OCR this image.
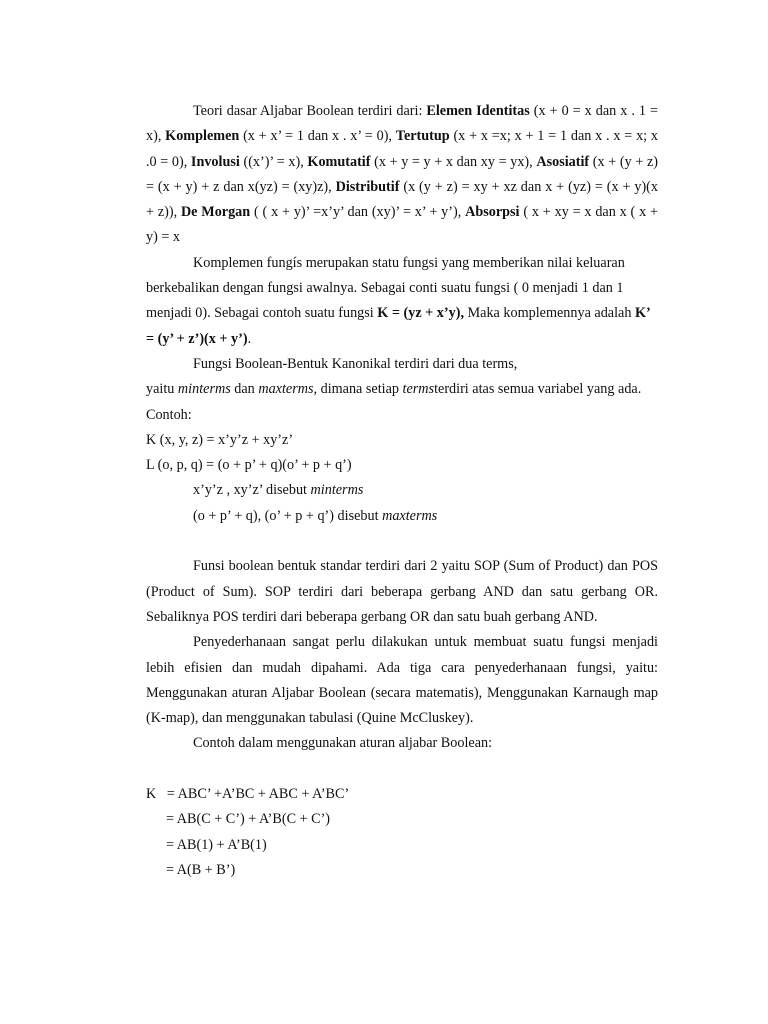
Teori dasar Aljabar Boolean terdiri dari: Elemen Identitas (x + 0 = x dan x . 1 = x), Komplemen (x + x’ = 1 dan x . x’ = 0), Tertutup (x + x =x; x + 1 = 1 dan x . x = x; x .0 = 0), Involusi ((x’)’ = x), Komutatif (x + y = y + x dan xy = yx), Asosiatif (x + (y + z) = (x + y) + z dan x(yz) = (xy)z), Distributif (x (y + z) = xy + xz dan x + (yz) = (x + y)(x + z)), De Morgan ( ( x + y)’ =x’y’ dan (xy)’ = x’ + y’), Absorpsi ( x + xy = x dan x ( x + y) = x

Komplemen fungís merupakan statu fungsi yang memberikan nilai keluaran berkebalikan dengan fungsi awalnya. Sebagai conti suatu fungsi ( 0 menjadi 1 dan 1 menjadi 0). Sebagai contoh suatu fungsi K = (yz + x’y), Maka komplemennya adalah K’ = (y’ + z’)(x + y’).

Fungsi Boolean-Bentuk Kanonikal terdiri dari dua terms,

yaitu minterms dan maxterms, dimana setiap termsterdiri atas semua variabel yang ada.

Contoh:

K (x, y, z) = x’y’z + xy’z’

L (o, p, q) = (o + p’ + q)(o’ + p + q’)

x’y’z , xy’z’ disebut minterms

(o + p’ + q), (o’ + p + q’) disebut maxterms

Funsi boolean bentuk standar terdiri dari 2 yaitu SOP (Sum of Product) dan POS (Product of Sum). SOP terdiri dari beberapa gerbang AND dan satu gerbang OR. Sebaliknya POS terdiri dari beberapa gerbang OR dan satu buah gerbang AND.

Penyederhanaan sangat perlu dilakukan untuk membuat suatu fungsi menjadi lebih efisien dan mudah dipahami. Ada tiga cara penyederhanaan fungsi, yaitu: Menggunakan aturan Aljabar Boolean (secara matematis), Menggunakan Karnaugh map (K-map), dan menggunakan tabulasi (Quine McCluskey).

Contoh dalam menggunakan aturan aljabar Boolean:

K   = ABC’ +A’BC + ABC + A’BC’

= AB(C + C’) + A’B(C + C’)

= AB(1) + A’B(1)

= A(B + B’)
